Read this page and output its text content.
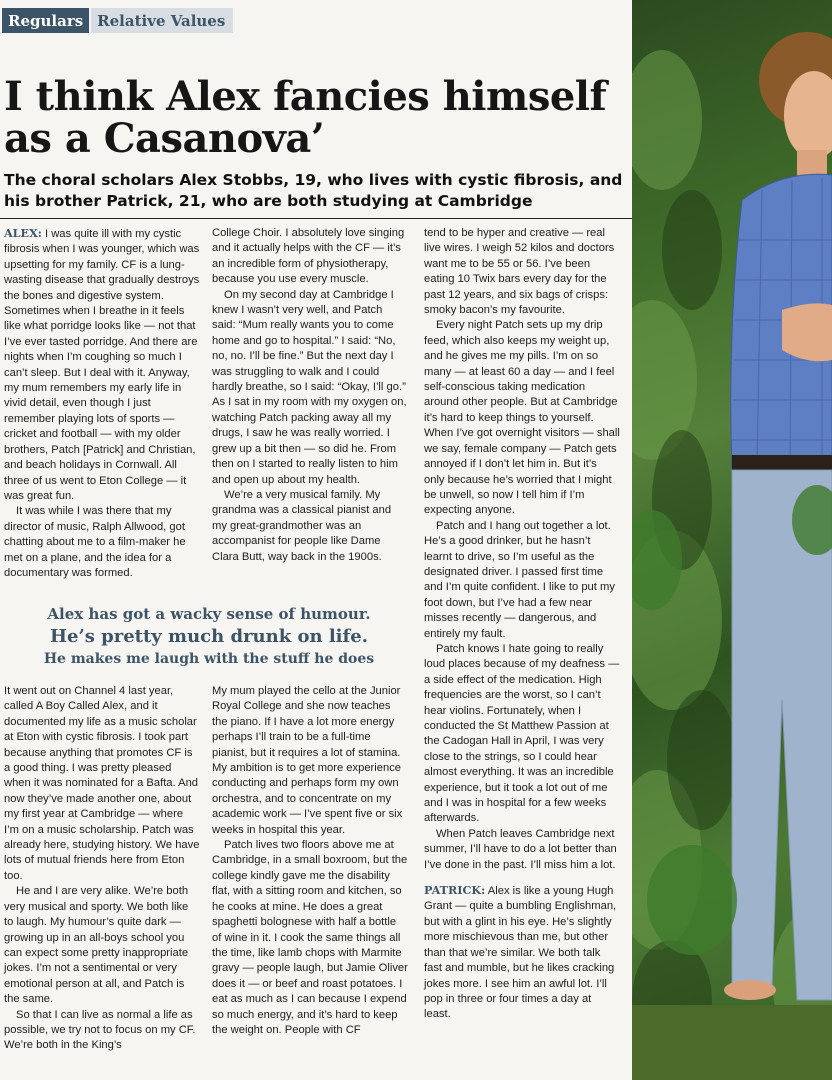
Regulars Relative Values
I think Alex fancies himself as a Casanova’

The choral scholars Alex Stobbs, 19, who lives with cystic fibrosis, and his brother Patrick, 21, who are both studying at Cambridge

ALEX: I was quite ill with my cystic fibrosis when I was younger, which was upsetting for my family. CF is a lung-wasting disease that gradually destroys the bones and digestive system. Sometimes when I breathe in it feels like what porridge looks like — not that I’ve ever tasted porridge. And there are nights when I’m coughing so much I can’t sleep. But I deal with it. Anyway, my mum remembers my early life in vivid detail, even though I just remember playing lots of sports — cricket and football — with my older brothers, Patch [Patrick] and Christian, and beach holidays in Cornwall. All three of us went to Eton College — it was great fun.

It was while I was there that my director of music, Ralph Allwood, got chatting about me to a film-maker he met on a plane, and the idea for a documentary was formed.

College Choir. I absolutely love singing and it actually helps with the CF — it’s an incredible form of physiotherapy, because you use every muscle.

On my second day at Cambridge I knew I wasn’t very well, and Patch said: “Mum really wants you to come home and go to hospital.” I said: “No, no, no. I’ll be fine.” But the next day I was struggling to walk and I could hardly breathe, so I said: “Okay, I’ll go.” As I sat in my room with my oxygen on, watching Patch packing away all my drugs, I saw he was really worried. I grew up a bit then — so did he. From then on I started to really listen to him and open up about my health.

We’re a very musical family. My grandma was a classical pianist and my great-grandmother was an accompanist for people like Dame Clara Butt, way back in the 1900s.

Alex has got a wacky sense of humour.
He’s pretty much drunk on life.
He makes me laugh with the stuff he does

It went out on Channel 4 last year, called A Boy Called Alex, and it documented my life as a music scholar at Eton with cystic fibrosis. I took part because anything that promotes CF is a good thing. I was pretty pleased when it was nominated for a Bafta. And now they’ve made another one, about my first year at Cambridge — where I’m on a music scholarship. Patch was already here, studying history. We have lots of mutual friends here from Eton too.

He and I are very alike. We’re both very musical and sporty. We both like to laugh. My humour’s quite dark — growing up in an all-boys school you can expect some pretty inappropriate jokes. I’m not a sentimental or very emotional person at all, and Patch is the same.

So that I can live as normal a life as possible, we try not to focus on my CF. We’re both in the King’s

My mum played the cello at the Junior Royal College and she now teaches the piano. If I have a lot more energy perhaps I’ll train to be a full-time pianist, but it requires a lot of stamina. My ambition is to get more experience conducting and perhaps form my own orchestra, and to concentrate on my academic work — I’ve spent five or six weeks in hospital this year.

Patch lives two floors above me at Cambridge, in a small boxroom, but the college kindly gave me the disability flat, with a sitting room and kitchen, so he cooks at mine. He does a great spaghetti bolognese with half a bottle of wine in it. I cook the same things all the time, like lamb chops with Marmite gravy — people laugh, but Jamie Oliver does it — or beef and roast potatoes. I eat as much as I can because I expend so much energy, and it’s hard to keep the weight on. People with CF

tend to be hyper and creative — real live wires. I weigh 52 kilos and doctors want me to be 55 or 56. I’ve been eating 10 Twix bars every day for the past 12 years, and six bags of crisps: smoky bacon’s my favourite.

Every night Patch sets up my drip feed, which also keeps my weight up, and he gives me my pills. I’m on so many — at least 60 a day — and I feel self-conscious taking medication around other people. But at Cambridge it’s hard to keep things to yourself. When I’ve got overnight visitors — shall we say, female company — Patch gets annoyed if I don’t let him in. But it’s only because he’s worried that I might be unwell, so now I tell him if I’m expecting anyone.

Patch and I hang out together a lot. He’s a good drinker, but he hasn’t learnt to drive, so I’m useful as the designated driver. I passed first time and I’m quite confident. I like to put my foot down, but I’ve had a few near misses recently — dangerous, and entirely my fault.

Patch knows I hate going to really loud places because of my deafness — a side effect of the medication. High frequencies are the worst, so I can’t hear violins. Fortunately, when I conducted the St Matthew Passion at the Cadogan Hall in April, I was very close to the strings, so I could hear almost everything. It was an incredible experience, but it took a lot out of me and I was in hospital for a few weeks afterwards.

When Patch leaves Cambridge next summer, I’ll have to do a lot better than I’ve done in the past. I’ll miss him a lot.

PATRICK: Alex is like a young Hugh Grant — quite a bumbling Englishman, but with a glint in his eye. He’s slightly more mischievous than me, but other than that we’re similar. We both talk fast and mumble, but he likes cracking jokes more. I see him an awful lot. I’ll pop in three or four times a day at least.
